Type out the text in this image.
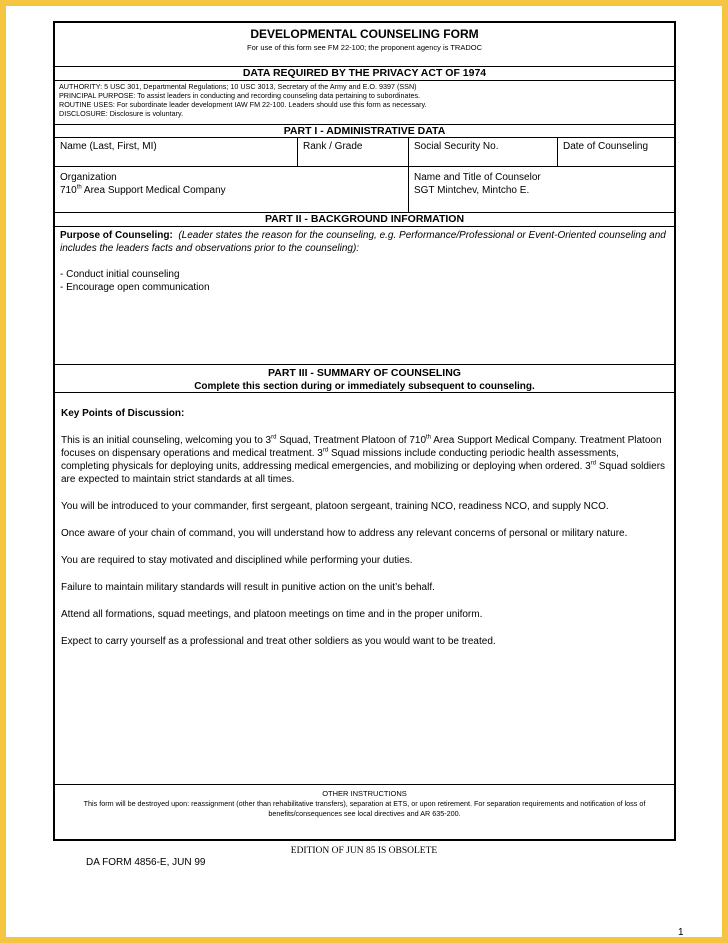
DEVELOPMENTAL COUNSELING FORM
For use of this form see FM 22-100; the proponent agency is TRADOC
DATA REQUIRED BY THE PRIVACY ACT OF 1974
AUTHORITY: 5 USC 301, Departmental Regulations; 10 USC 3013, Secretary of the Army and E.O. 9397 (SSN)
PRINCIPAL PURPOSE: To assist leaders in conducting and recording counseling data pertaining to subordinates.
ROUTINE USES: For subordinate leader development IAW FM 22-100. Leaders should use this form as necessary.
DISCLOSURE: Disclosure is voluntary.
PART I - ADMINISTRATIVE DATA
Name (Last, First, MI)	Rank / Grade	Social Security No.	Date of Counseling
Organization
710th Area Support Medical Company
Name and Title of Counselor
SGT Mintchev, Mintcho E.
PART II - BACKGROUND INFORMATION

Purpose of Counseling: (Leader states the reason for the counseling, e.g. Performance/Professional or Event-Oriented counseling and includes the leaders facts and observations prior to the counseling):

- Conduct initial counseling
- Encourage open communication
PART III - SUMMARY OF COUNSELING
Complete this section during or immediately subsequent to counseling.

Key Points of Discussion:

This is an initial counseling, welcoming you to 3rd Squad, Treatment Platoon of 710th Area Support Medical Company. Treatment Platoon focuses on dispensary operations and medical treatment. 3rd Squad missions include conducting periodic health assessments, completing physicals for deploying units, addressing medical emergencies, and mobilizing or deploying when ordered. 3rd Squad soldiers are expected to maintain strict standards at all times.

You will be introduced to your commander, first sergeant, platoon sergeant, training NCO, readiness NCO, and supply NCO.

Once aware of your chain of command, you will understand how to address any relevant concerns of personal or military nature.

You are required to stay motivated and disciplined while performing your duties.

Failure to maintain military standards will result in punitive action on the unit’s behalf.

Attend all formations, squad meetings, and platoon meetings on time and in the proper uniform.

Expect to carry yourself as a professional and treat other soldiers as you would want to be treated.

OTHER INSTRUCTIONS
This form will be destroyed upon: reassignment (other than rehabilitative transfers), separation at ETS, or upon retirement. For separation requirements and notification of loss of benefits/consequences see local directives and AR 635-200.
EDITION OF JUN 85 IS OBSOLETE
DA FORM 4856-E, JUN 99
1
